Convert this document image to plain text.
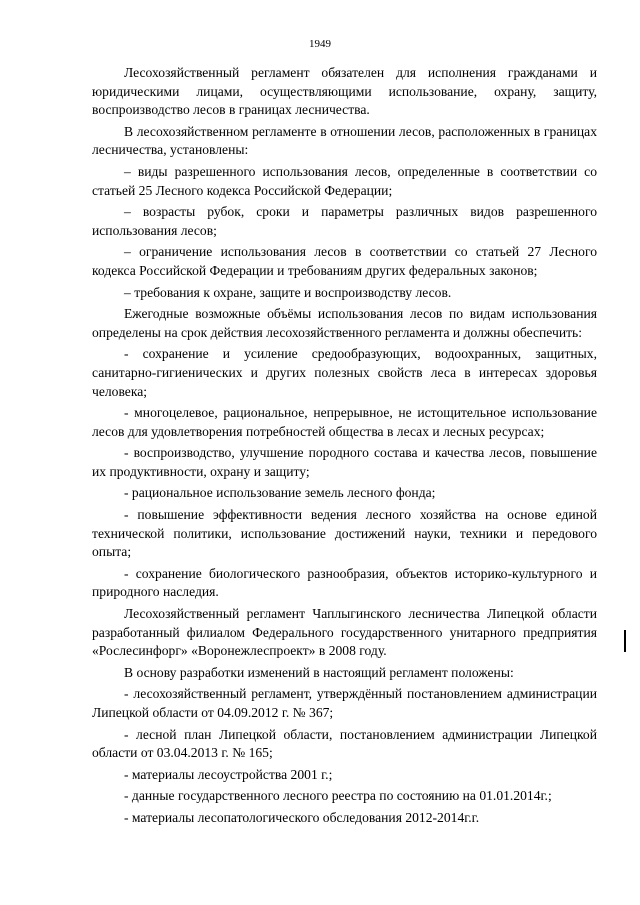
1949

Лесохозяйственный регламент обязателен для исполнения гражданами и юридическими лицами, осуществляющими использование, охрану, защиту, воспроизводство лесов в границах лесничества.

В лесохозяйственном регламенте в отношении лесов, расположенных в границах лесничества, установлены:

– виды разрешенного использования лесов, определенные в соответствии со статьей 25 Лесного кодекса Российской Федерации;

– возрасты рубок, сроки и параметры различных видов разрешенного использования лесов;

– ограничение использования лесов в соответствии со статьей 27 Лесного кодекса Российской Федерации и требованиям других федеральных законов;

– требования к охране, защите и воспроизводству лесов.

Ежегодные возможные объёмы использования лесов по видам использования определены на срок действия лесохозяйственного регламента и должны обеспечить:

- сохранение и усиление средообразующих, водоохранных, защитных, санитарно-гигиенических и других полезных свойств леса в интересах здоровья человека;

- многоцелевое, рациональное, непрерывное, не истощительное использование лесов для удовлетворения потребностей общества в лесах и лесных ресурсах;

- воспроизводство, улучшение породного состава и качества лесов, повышение их продуктивности, охрану и защиту;

- рациональное использование земель лесного фонда;

- повышение эффективности ведения лесного хозяйства на основе единой технической политики, использование достижений науки, техники и передового опыта;

- сохранение биологического разнообразия, объектов историко-культурного и природного наследия.

Лесохозяйственный регламент Чаплыгинского лесничества Липецкой области разработанный филиалом Федерального государственного унитарного предприятия «Рослесинфорг» «Воронежлеспроект» в 2008 году.

В основу разработки изменений в настоящий регламент положены:

- лесохозяйственный регламент, утверждённый постановлением администрации Липецкой области от 04.09.2012 г. № 367;

- лесной план Липецкой области, постановлением администрации Липецкой области от 03.04.2013 г. № 165;

- материалы лесоустройства 2001 г.;

- данные государственного лесного реестра по состоянию на 01.01.2014г.;

- материалы лесопатологического обследования 2012-2014г.г.
